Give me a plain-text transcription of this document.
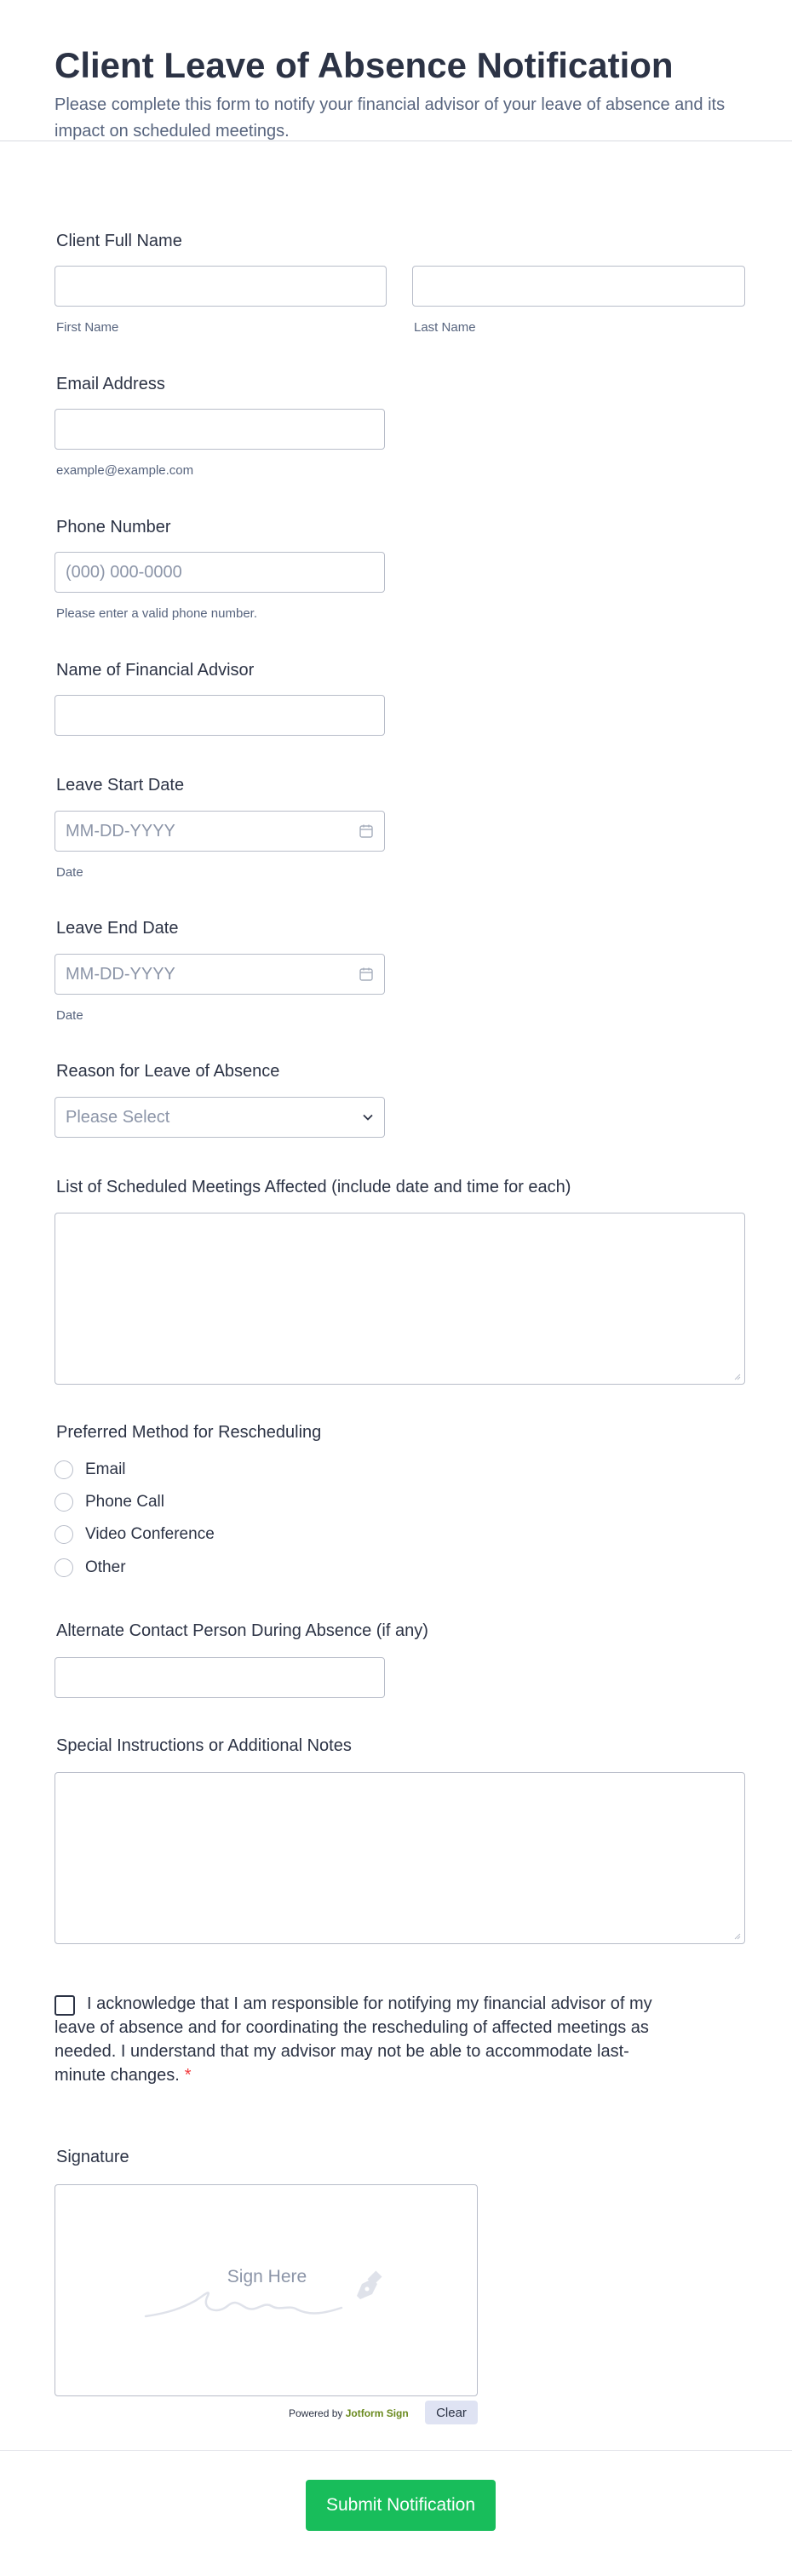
Client Leave of Absence Notification
Please complete this form to notify your financial advisor of your leave of absence and its impact on scheduled meetings.
Client Full Name
First Name	Last Name
Email Address
example@example.com
Phone Number
(000) 000-0000
Please enter a valid phone number.
Name of Financial Advisor
Leave Start Date
MM-DD-YYYY
Date
Leave End Date
MM-DD-YYYY
Date
Reason for Leave of Absence
Please Select
List of Scheduled Meetings Affected (include date and time for each)
Preferred Method for Rescheduling
Email
Phone Call
Video Conference
Other
Alternate Contact Person During Absence (if any)
Special Instructions or Additional Notes
I acknowledge that I am responsible for notifying my financial advisor of my leave of absence and for coordinating the rescheduling of affected meetings as needed. I understand that my advisor may not be able to accommodate last-minute changes. *
Signature
Sign Here
Powered by Jotform Sign	Clear
Submit Notification
